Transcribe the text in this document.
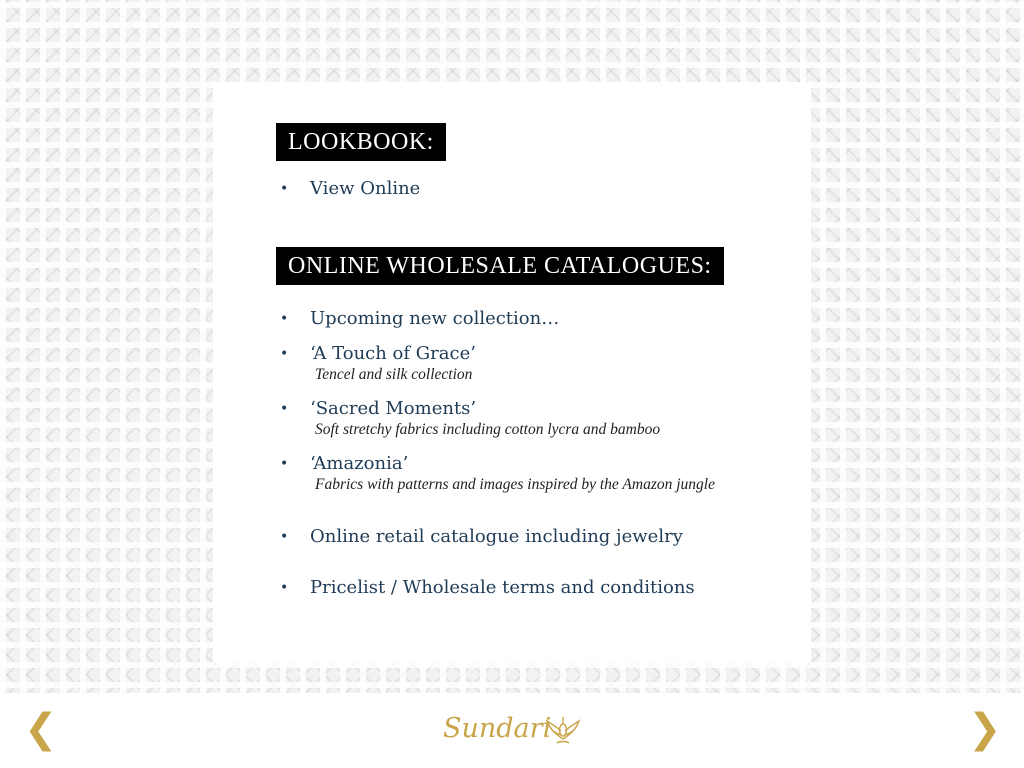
LOOKBOOK:
• View Online
ONLINE WHOLESALE CATALOGUES:
• Upcoming new collection…
• ‘A Touch of Grace’
Tencel and silk collection
• ‘Sacred Moments’
Soft stretchy fabrics including cotton lycra and bamboo
• ‘Amazonia’
Fabrics with patterns and images inspired by the Amazon jungle
• Online retail catalogue including jewelry
• Pricelist / Wholesale terms and conditions
❮	Sundari	❯
